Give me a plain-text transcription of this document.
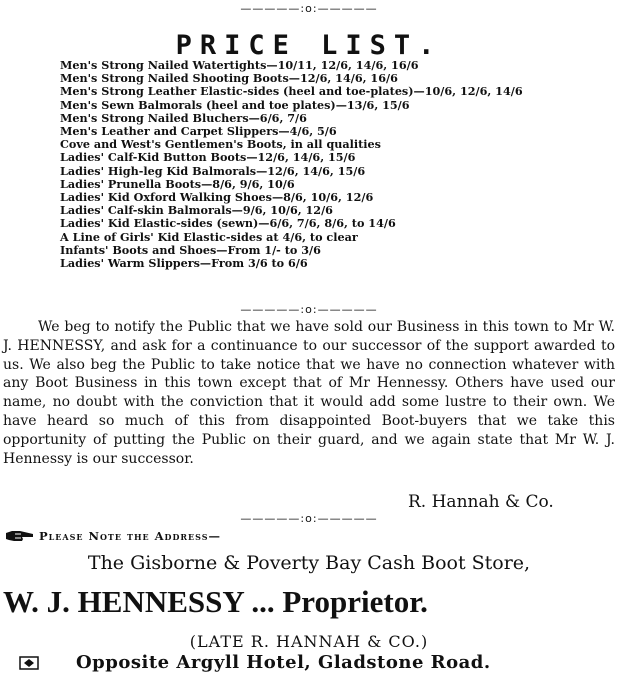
—————:o:—————
PRICE LIST.
Men's Strong Nailed Watertights—10/11, 12/6, 14/6, 16/6
Men's Strong Nailed Shooting Boots—12/6, 14/6, 16/6
Men's Strong Leather Elastic-sides (heel and toe-plates)—10/6, 12/6, 14/6
Men's Sewn Balmorals (heel and toe plates)—13/6, 15/6
Men's Strong Nailed Bluchers—6/6, 7/6
Men's Leather and Carpet Slippers—4/6, 5/6
Cove and West's Gentlemen's Boots, in all qualities
Ladies' Calf-Kid Button Boots—12/6, 14/6, 15/6
Ladies' High-leg Kid Balmorals—12/6, 14/6, 15/6
Ladies' Prunella Boots—8/6, 9/6, 10/6
Ladies' Kid Oxford Walking Shoes—8/6, 10/6, 12/6
Ladies' Calf-skin Balmorals—9/6, 10/6, 12/6
Ladies' Kid Elastic-sides (sewn)—6/6, 7/6, 8/6, to 14/6
A Line of Girls' Kid Elastic-sides at 4/6, to clear
Infants' Boots and Shoes—From 1/- to 3/6
Ladies' Warm Slippers—From 3/6 to 6/6
—————:o:—————

We beg to notify the Public that we have sold our Business in this town to Mr W. J. HENNESSY, and ask for a continuance to our successor of the support awarded to us. We also beg the Public to take notice that we have no connection whatever with any Boot Business in this town except that of Mr Hennessy. Others have used our name, no doubt with the conviction that it would add some lustre to their own. We have heard so much of this from disappointed Boot-buyers that we take this opportunity of putting the Public on their guard, and we again state that Mr W. J. Hennessy is our successor.

R. Hannah & Co.
—————:o:—————
Please Note the Address—
The Gisborne & Poverty Bay Cash Boot Store,
W. J. HENNESSY ... Proprietor.
(LATE R. HANNAH & CO.)
Opposite Argyll Hotel, Gladstone Road.
